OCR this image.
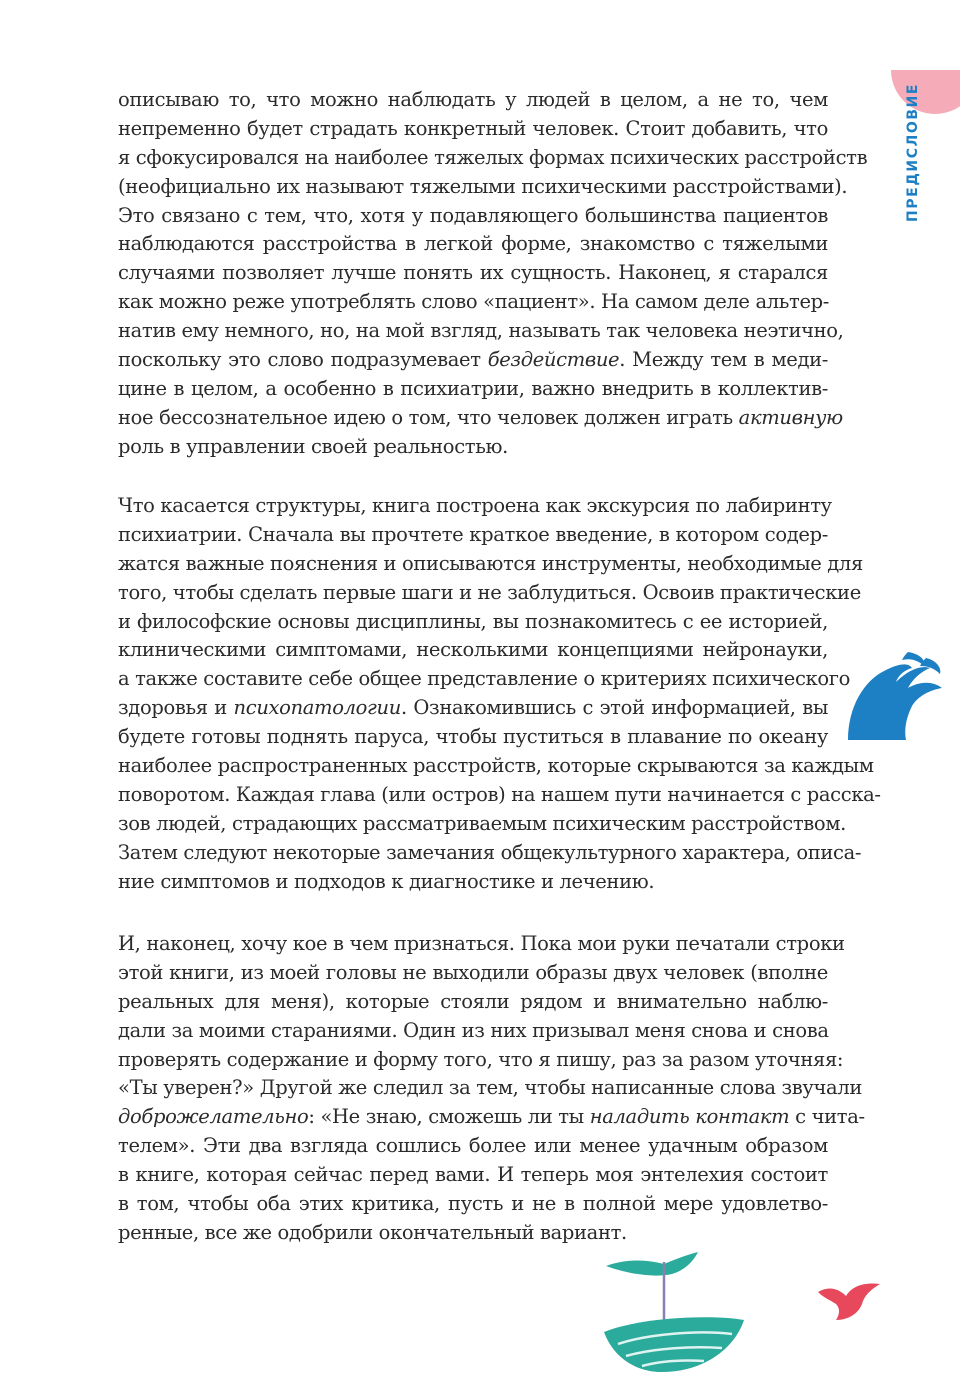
ПРЕДИСЛОВИЕ
описываю то, что можно наблюдать у людей в целом, а не то, чем
непременно будет страдать конкретный человек. Стоит добавить, что
я сфокусировался на наиболее тяжелых формах психических расстройств
(неофициально их называют тяжелыми психическими расстройствами).
Это связано с тем, что, хотя у подавляющего большинства пациентов
наблюдаются расстройства в легкой форме, знакомство с тяжелыми
случаями позволяет лучше понять их сущность. Наконец, я старался
как можно реже употреблять слово «пациент». На самом деле альтер-
натив ему немного, но, на мой взгляд, называть так человека неэтично,
поскольку это слово подразумевает бездействие. Между тем в меди-
цине в целом, а особенно в психиатрии, важно внедрить в коллектив-
ное бессознательное идею о том, что человек должен играть активную
роль в управлении своей реальностью.
Что касается структуры, книга построена как экскурсия по лабиринту
психиатрии. Сначала вы прочтете краткое введение, в котором содер-
жатся важные пояснения и описываются инструменты, необходимые для
того, чтобы сделать первые шаги и не заблудиться. Освоив практические
и философские основы дисциплины, вы познакомитесь с ее историей,
клиническими симптомами, несколькими концепциями нейронауки,
а также составите себе общее представление о критериях психического
здоровья и психопатологии. Ознакомившись с этой информацией, вы
будете готовы поднять паруса, чтобы пуститься в плавание по океану
наиболее распространенных расстройств, которые скрываются за каждым
поворотом. Каждая глава (или остров) на нашем пути начинается с расска-
зов людей, страдающих рассматриваемым психическим расстройством.
Затем следуют некоторые замечания общекультурного характера, описа-
ние симптомов и подходов к диагностике и лечению.
И, наконец, хочу кое в чем признаться. Пока мои руки печатали строки
этой книги, из моей головы не выходили образы двух человек (вполне
реальных для меня), которые стояли рядом и внимательно наблю-
дали за моими стараниями. Один из них призывал меня снова и снова
проверять содержание и форму того, что я пишу, раз за разом уточняя:
«Ты уверен?» Другой же следил за тем, чтобы написанные слова звучали
доброжелательно: «Не знаю, сможешь ли ты наладить контакт с чита-
телем». Эти два взгляда сошлись более или менее удачным образом
в книге, которая сейчас перед вами. И теперь моя энтелехия состоит
в том, чтобы оба этих критика, пусть и не в полной мере удовлетво-
ренные, все же одобрили окончательный вариант.
